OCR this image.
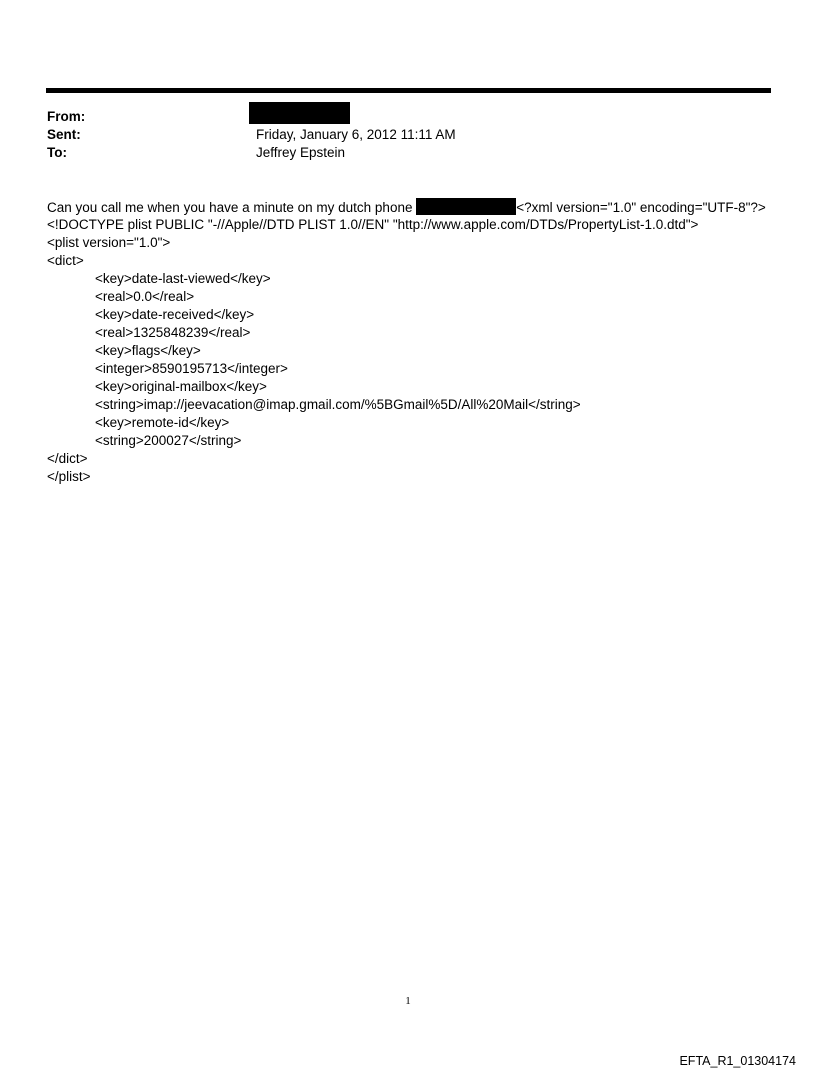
From:
Sent:	Friday, January 6, 2012 11:11 AM
To:	Jeffrey Epstein
Can you call me when you have a minute on my dutch phone	<?xml version="1.0" encoding="UTF-8"?>
<!DOCTYPE plist PUBLIC "-//Apple//DTD PLIST 1.0//EN" "http://www.apple.com/DTDs/PropertyList-1.0.dtd">
<plist version="1.0">
<dict>
<key>date-last-viewed</key>
<real>0.0</real>
<key>date-received</key>
<real>1325848239</real>
<key>flags</key>
<integer>8590195713</integer>
<key>original-mailbox</key>
<string>imap://jeevacation@imap.gmail.com/%5BGmail%5D/All%20Mail</string>
<key>remote-id</key>
<string>200027</string>
</dict>
</plist>
1
EFTA_R1_01304174
